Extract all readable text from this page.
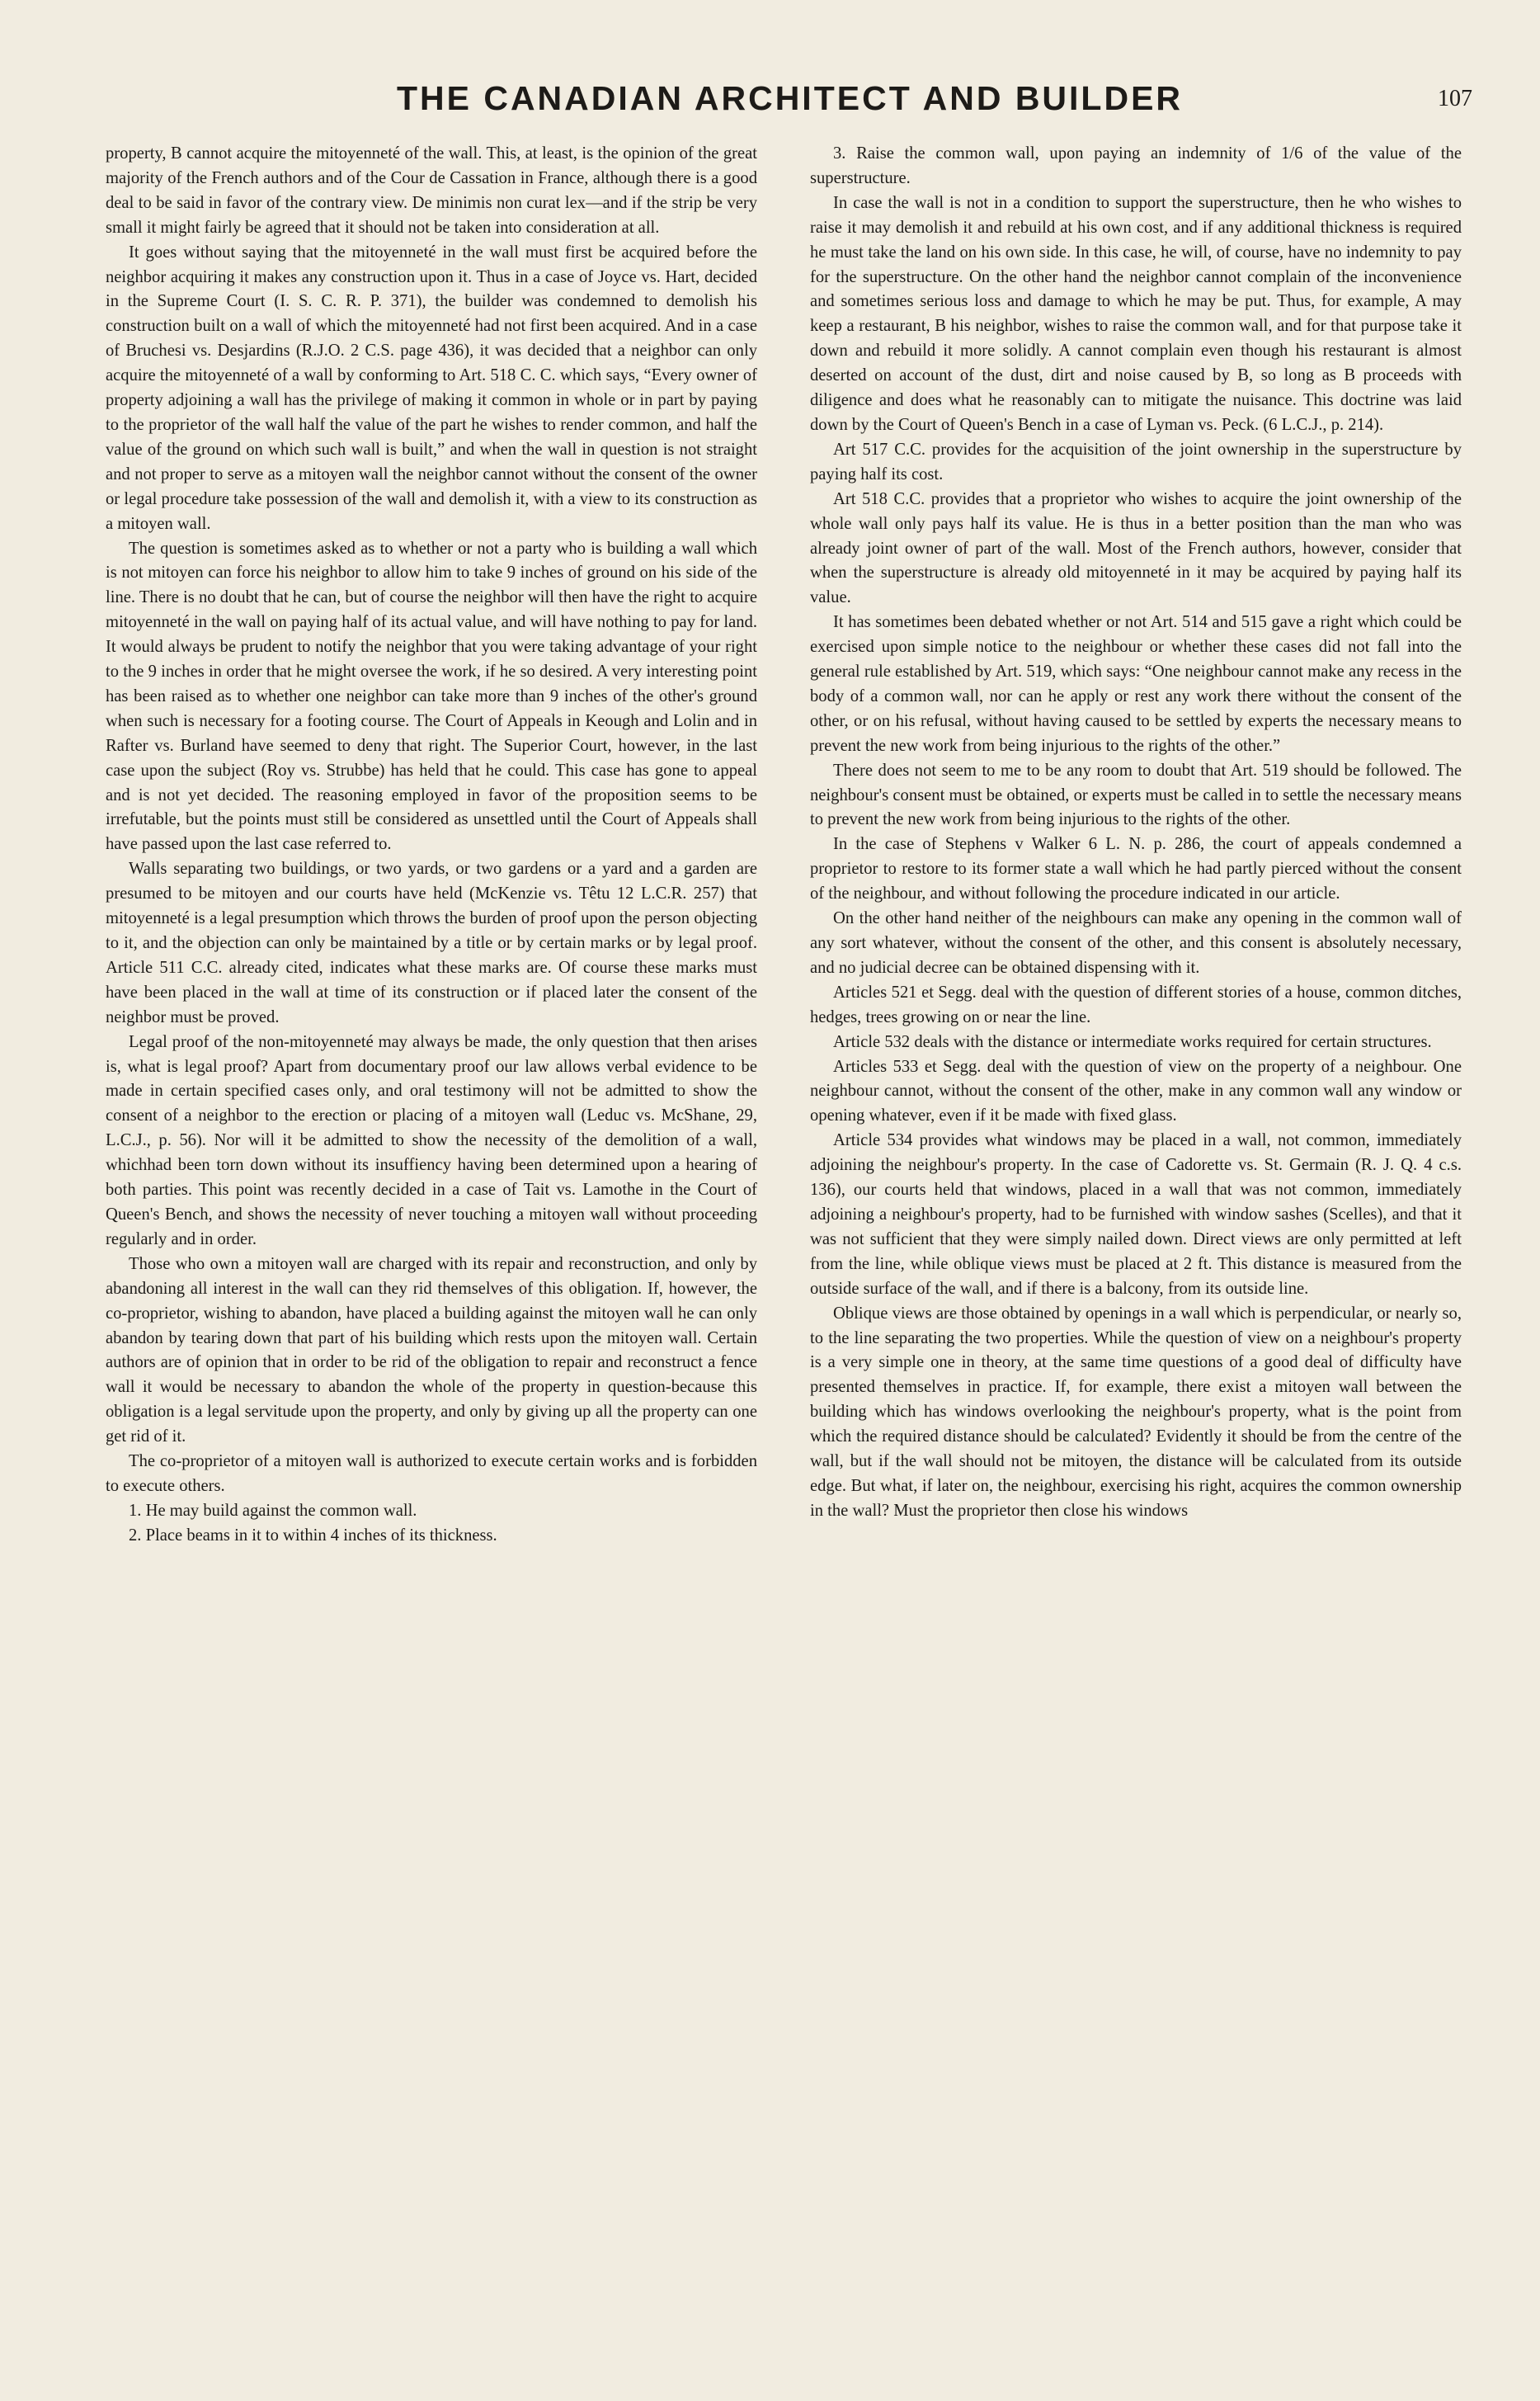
THE CANADIAN ARCHITECT AND BUILDER	107

property, B cannot acquire the mitoyenneté of the wall. This, at least, is the opinion of the great majority of the French authors and of the Cour de Cassation in France, although there is a good deal to be said in favor of the contrary view. De minimis non curat lex—and if the strip be very small it might fairly be agreed that it should not be taken into consideration at all.

It goes without saying that the mitoyenneté in the wall must first be acquired before the neighbor acquiring it makes any construction upon it. Thus in a case of Joyce vs. Hart, decided in the Supreme Court (I. S. C. R. P. 371), the builder was condemned to demolish his construction built on a wall of which the mitoyenneté had not first been acquired. And in a case of Bruchesi vs. Desjardins (R.J.O. 2 C.S. page 436), it was decided that a neighbor can only acquire the mitoyenneté of a wall by conforming to Art. 518 C. C. which says, “Every owner of property adjoining a wall has the privilege of making it common in whole or in part by paying to the proprietor of the wall half the value of the part he wishes to render common, and half the value of the ground on which such wall is built,” and when the wall in question is not straight and not proper to serve as a mitoyen wall the neighbor cannot without the consent of the owner or legal procedure take possession of the wall and demolish it, with a view to its construction as a mitoyen wall.

The question is sometimes asked as to whether or not a party who is building a wall which is not mitoyen can force his neighbor to allow him to take 9 inches of ground on his side of the line. There is no doubt that he can, but of course the neighbor will then have the right to acquire mitoyenneté in the wall on paying half of its actual value, and will have nothing to pay for land. It would always be prudent to notify the neighbor that you were taking advantage of your right to the 9 inches in order that he might oversee the work, if he so desired. A very interesting point has been raised as to whether one neighbor can take more than 9 inches of the other's ground when such is necessary for a footing course. The Court of Appeals in Keough and Lolin and in Rafter vs. Burland have seemed to deny that right. The Superior Court, however, in the last case upon the subject (Roy vs. Strubbe) has held that he could. This case has gone to appeal and is not yet decided. The reasoning employed in favor of the proposition seems to be irrefutable, but the points must still be considered as unsettled until the Court of Appeals shall have passed upon the last case referred to.

Walls separating two buildings, or two yards, or two gardens or a yard and a garden are presumed to be mitoyen and our courts have held (McKenzie vs. Têtu 12 L.C.R. 257) that mitoyenneté is a legal presumption which throws the burden of proof upon the person objecting to it, and the objection can only be maintained by a title or by certain marks or by legal proof. Article 511 C.C. already cited, indicates what these marks are. Of course these marks must have been placed in the wall at time of its construction or if placed later the consent of the neighbor must be proved.

Legal proof of the non-mitoyenneté may always be made, the only question that then arises is, what is legal proof? Apart from documentary proof our law allows verbal evidence to be made in certain specified cases only, and oral testimony will not be admitted to show the consent of a neighbor to the erection or placing of a mitoyen wall (Leduc vs. McShane, 29, L.C.J., p. 56). Nor will it be admitted to show the necessity of the demolition of a wall, whichhad been torn down without its insuffiency having been determined upon a hearing of both parties. This point was recently decided in a case of Tait vs. Lamothe in the Court of Queen's Bench, and shows the necessity of never touching a mitoyen wall without proceeding regularly and in order.

Those who own a mitoyen wall are charged with its repair and reconstruction, and only by abandoning all interest in the wall can they rid themselves of this obligation. If, however, the co-proprietor, wishing to abandon, have placed a building against the mitoyen wall he can only abandon by tearing down that part of his building which rests upon the mitoyen wall. Certain authors are of opinion that in order to be rid of the obligation to repair and reconstruct a fence wall it would be necessary to abandon the whole of the property in question-because this obligation is a legal servitude upon the property, and only by giving up all the property can one get rid of it.

The co-proprietor of a mitoyen wall is authorized to execute certain works and is forbidden to execute others.

1. He may build against the common wall.

2. Place beams in it to within 4 inches of its thickness.

3. Raise the common wall, upon paying an indemnity of 1/6 of the value of the superstructure.

In case the wall is not in a condition to support the superstructure, then he who wishes to raise it may demolish it and rebuild at his own cost, and if any additional thickness is required he must take the land on his own side. In this case, he will, of course, have no indemnity to pay for the superstructure. On the other hand the neighbor cannot complain of the inconvenience and sometimes serious loss and damage to which he may be put. Thus, for example, A may keep a restaurant, B his neighbor, wishes to raise the common wall, and for that purpose take it down and rebuild it more solidly. A cannot complain even though his restaurant is almost deserted on account of the dust, dirt and noise caused by B, so long as B proceeds with diligence and does what he reasonably can to mitigate the nuisance. This doctrine was laid down by the Court of Queen's Bench in a case of Lyman vs. Peck. (6 L.C.J., p. 214).

Art 517 C.C. provides for the acquisition of the joint ownership in the superstructure by paying half its cost.

Art 518 C.C. provides that a proprietor who wishes to acquire the joint ownership of the whole wall only pays half its value. He is thus in a better position than the man who was already joint owner of part of the wall. Most of the French authors, however, consider that when the superstructure is already old mitoyenneté in it may be acquired by paying half its value.

It has sometimes been debated whether or not Art. 514 and 515 gave a right which could be exercised upon simple notice to the neighbour or whether these cases did not fall into the general rule established by Art. 519, which says: “One neighbour cannot make any recess in the body of a common wall, nor can he apply or rest any work there without the consent of the other, or on his refusal, without having caused to be settled by experts the necessary means to prevent the new work from being injurious to the rights of the other.”

There does not seem to me to be any room to doubt that Art. 519 should be followed. The neighbour's consent must be obtained, or experts must be called in to settle the necessary means to prevent the new work from being injurious to the rights of the other.

In the case of Stephens v Walker 6 L. N. p. 286, the court of appeals condemned a proprietor to restore to its former state a wall which he had partly pierced without the consent of the neighbour, and without following the procedure indicated in our article.

On the other hand neither of the neighbours can make any opening in the common wall of any sort whatever, without the consent of the other, and this consent is absolutely necessary, and no judicial decree can be obtained dispensing with it.

Articles 521 et Segg. deal with the question of different stories of a house, common ditches, hedges, trees growing on or near the line.

Article 532 deals with the distance or intermediate works required for certain structures.

Articles 533 et Segg. deal with the question of view on the property of a neighbour. One neighbour cannot, without the consent of the other, make in any common wall any window or opening whatever, even if it be made with fixed glass.

Article 534 provides what windows may be placed in a wall, not common, immediately adjoining the neighbour's property. In the case of Cadorette vs. St. Germain (R. J. Q. 4 c.s. 136), our courts held that windows, placed in a wall that was not common, immediately adjoining a neighbour's property, had to be furnished with window sashes (Scelles), and that it was not sufficient that they were simply nailed down. Direct views are only permitted at left from the line, while oblique views must be placed at 2 ft. This distance is measured from the outside surface of the wall, and if there is a balcony, from its outside line.

Oblique views are those obtained by openings in a wall which is perpendicular, or nearly so, to the line separating the two properties. While the question of view on a neighbour's property is a very simple one in theory, at the same time questions of a good deal of difficulty have presented themselves in practice. If, for example, there exist a mitoyen wall between the building which has windows overlooking the neighbour's property, what is the point from which the required distance should be calculated? Evidently it should be from the centre of the wall, but if the wall should not be mitoyen, the distance will be calculated from its outside edge. But what, if later on, the neighbour, exercising his right, acquires the common ownership in the wall? Must the proprietor then close his windows
